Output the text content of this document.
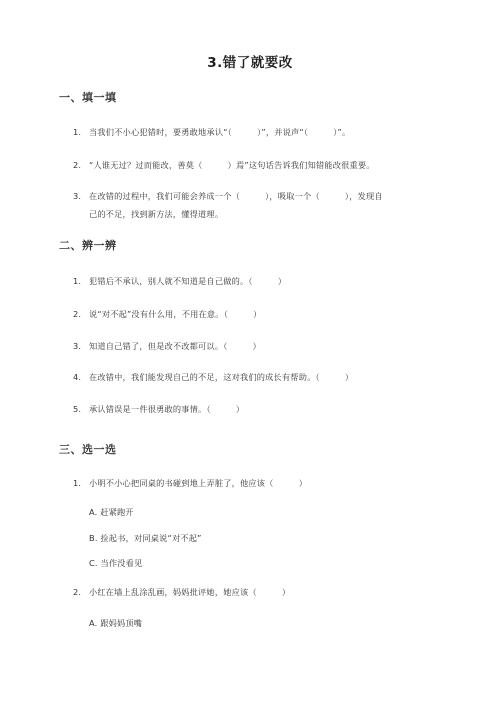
3.错了就要改
一、填一填
1. 当我们不小心犯错时，要勇敢地承认“（　　　）”，并说声“（　　　）”。
2. “人谁无过？过而能改，善莫（　　　）焉”这句话告诉我们知错能改很重要。
3. 在改错的过程中，我们可能会养成一个（　　　），吸取一个（　　　），发现自
己的不足，找到新方法，懂得道理。
二、辨一辨
1. 犯错后不承认，别人就不知道是自己做的。（　　　）
2. 说“对不起”没有什么用，不用在意。（　　　）
3. 知道自己错了，但是改不改都可以。（　　　）
4. 在改错中，我们能发现自己的不足，这对我们的成长有帮助。（　　　）
5. 承认错误是一件很勇敢的事情。（　　　）
三、选一选
1. 小明不小心把同桌的书碰到地上弄脏了，他应该（　　　）
A. 赶紧跑开
B. 捡起书，对同桌说“对不起”
C. 当作没看见
2. 小红在墙上乱涂乱画，妈妈批评她，她应该（　　　）
A. 跟妈妈顶嘴
